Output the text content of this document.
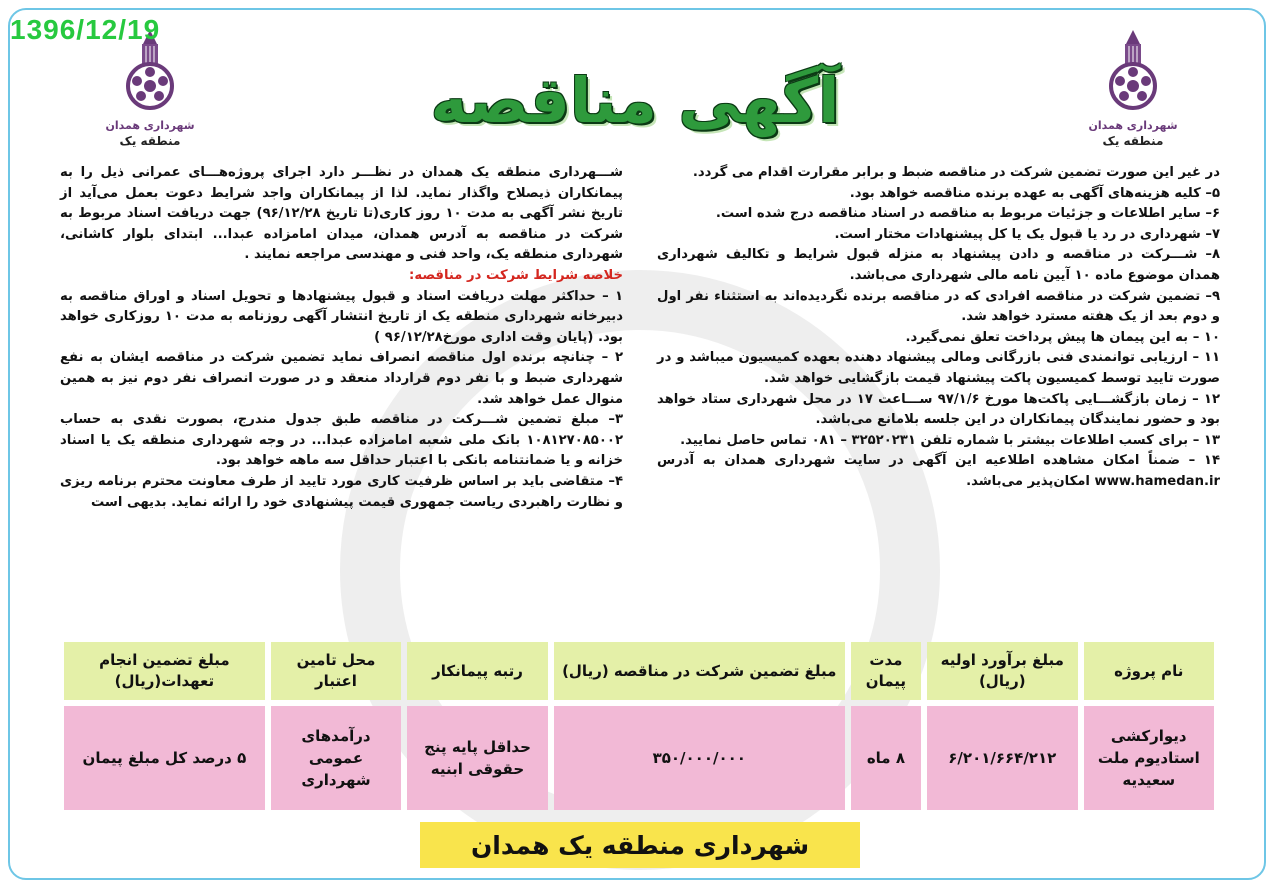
1396/12/19
شهرداری همدان
منطقه یک
شهرداری همدان
منطقه یک
آگهی مناقصه

شـــهرداری منطقه یک همدان در نظـــر دارد اجرای پروژه‌هـــای عمرانی ذیل را به پیمانکاران ذیصلاح واگذار نماید. لذا از پیمانکاران واجد شرایط دعوت بعمل می‌آید از تاریخ نشر آگهی به مدت ۱۰ روز کاری(تا تاریخ ۹۶/۱۲/۲۸) جهت دریافت اسناد مربوط به شرکت در مناقصه به آدرس همدان، میدان امامزاده عبدا... ابتدای بلوار کاشانی، شهرداری منطقه یک، واحد فنی و مهندسی مراجعه نمایند .

خلاصه شرایط شرکت در مناقصه:

۱ – حداکثر مهلت دریافت اسناد و قبول پیشنهادها و تحویل اسناد و اوراق مناقصه به دبیرخانه شهرداری منطقه یک از تاریخ انتشار آگهی روزنامه به مدت ۱۰ روزکاری خواهد بود. (پایان وقت اداری مورخ۹۶/۱۲/۲۸ )

۲ – چنانچه برنده اول مناقصه انصراف نماید تضمین شرکت در مناقصه ایشان به نفع شهرداری ضبط و با نفر دوم قرارداد منعقد و در صورت انصراف نفر دوم نیز به همین منوال عمل خواهد شد.

۳– مبلغ تضمین شـــرکت در مناقصه طبق جدول مندرج، بصورت نقدی به حساب ۱۰۸۱۲۷۰۸۵۰۰۲ بانک ملی شعبه امامزاده عبدا... در وجه شهرداری منطقه یک یا اسناد خزانه و یا ضمانتنامه بانکی با اعتبار حداقل سه ماهه خواهد بود.

۴– متقاضی باید بر اساس ظرفیت کاری مورد تایید از طرف معاونت محترم برنامه ریزی و نظارت راهبردی ریاست جمهوری قیمت پیشنهادی خود را ارائه نماید. بدیهی است

در غیر این صورت تضمین شرکت در مناقصه ضبط و برابر مقرارت اقدام می گردد.

۵– کلیه هزینه‌های آگهی به عهده برنده مناقصه خواهد بود.

۶– سایر اطلاعات و جزئیات مربوط به مناقصه در اسناد مناقصه درج شده است.

۷– شهرداری در رد یا قبول یک یا کل پیشنهادات مختار است.

۸– شـــرکت در مناقصه و دادن پیشنهاد به منزله قبول شرایط و تکالیف شهرداری همدان موضوع ماده ۱۰ آیین نامه مالی شهرداری می‌باشد.

۹– تضمین شرکت در مناقصه افرادی که در مناقصه برنده نگردیده‌اند به استثناء نفر اول و دوم بعد از یک هفته مسترد خواهد شد.

۱۰ – به این پیمان ها پیش پرداخت تعلق نمی‌گیرد.

۱۱ – ارزیابی توانمندی فنی بازرگانی ومالی پیشنهاد دهنده بعهده کمیسیون میباشد و در صورت تایید توسط کمیسیون پاکت پیشنهاد قیمت بازگشایی خواهد شد.

۱۲ – زمان بازگشـــایی پاکت‌ها مورخ ۹۷/۱/۶ ســـاعت ۱۷ در محل شهرداری ستاد خواهد بود و حضور نمایندگان پیمانکاران در این جلسه بلامانع می‌باشد.

۱۳ – برای کسب اطلاعات بیشتر با شماره تلفن ۳۲۵۲۰۲۳۱ – ۰۸۱ تماس حاصل نمایید.

۱۴ – ضمناً امکان مشاهده اطلاعیه این آگهی در سایت شهرداری همدان به آدرس www.hamedan.ir امکان‌پذیر می‌باشد.

نام پروژه	مبلغ برآورد اولیه (ریال)	مدت پیمان	مبلغ تضمین شرکت در مناقصه (ریال)	رتبه پیمانکار	محل تامین اعتبار	مبلغ تضمین انجام تعهدات(ریال)
دیوارکشی استادیوم ملت سعیدیه	۶/۲۰۱/۶۶۴/۲۱۲	۸ ماه	۳۵۰/۰۰۰/۰۰۰	حداقل پایه پنج حقوقی ابنیه	درآمدهای عمومی شهرداری	۵ درصد کل مبلغ پیمان
شهرداری منطقه یک همدان
